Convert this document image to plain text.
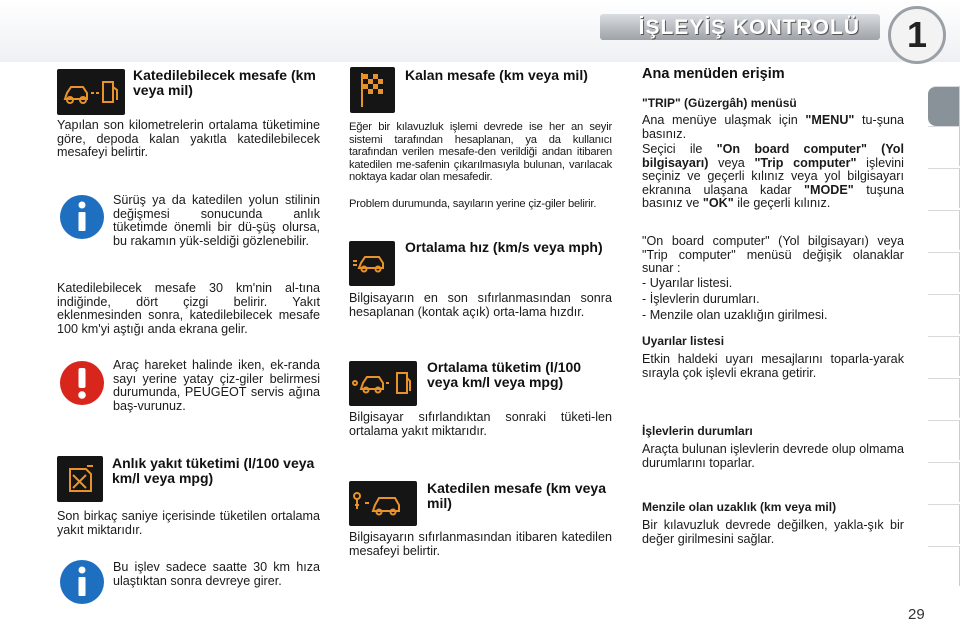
İŞLEYİŞ KONTROLÜ	1
Katedilebilecek mesafe (km veya mil)

Yapılan son kilometrelerin ortalama tüketimine göre, depoda kalan yakıtla katedilebilecek mesafeyi belirtir.

Sürüş ya da katedilen yolun stilinin değişmesi sonucunda anlık tüketimde önemli bir dü-şüş olursa, bu rakamın yük-seldiği gözlenebilir.

Katedilebilecek mesafe 30 km'nin al-tına indiğinde, dört çizgi belirir. Yakıt eklenmesinden sonra, katedilebilecek mesafe 100 km'yi aştığı anda ekrana gelir.

Araç hareket halinde iken, ek-randa sayı yerine yatay çiz-giler belirmesi durumunda, PEUGEOT servis ağına baş-vurunuz.

Anlık yakıt tüketimi (l/100 veya km/l veya mpg)

Son birkaç saniye içerisinde tüketilen ortalama yakıt miktarıdır.

Bu işlev sadece saatte 30 km hıza ulaştıktan sonra devreye girer.

Kalan mesafe (km veya mil)

Eğer bir kılavuzluk işlemi devrede ise her an seyir sistemi tarafından hesaplanan, ya da kullanıcı tarafından verilen mesafe-den verildiği andan itibaren katedilen me-safenin çıkarılmasıyla bulunan, varılacak noktaya kadar olan mesafedir.

Problem durumunda, sayıların yerine çiz-giler belirir.

Ortalama hız (km/s veya mph)

Bilgisayarın en son sıfırlanmasından sonra hesaplanan (kontak açık) orta-lama hızdır.

Ortalama tüketim (l/100 veya km/l veya mpg)

Bilgisayar sıfırlandıktan sonraki tüketi-len ortalama yakıt miktarıdır.

Katedilen mesafe (km veya mil)

Bilgisayarın sıfırlanmasından itibaren katedilen mesafeyi belirtir.

Ana menüden erişim

"TRIP" (Güzergâh) menüsü

Ana menüye ulaşmak için "MENU" tu-şuna basınız.

Seçici ile "On board computer" (Yol bilgisayarı) veya "Trip computer" işlevini seçiniz ve geçerli kılınız veya yol bilgisayarı ekranına ulaşana kadar "MODE" tuşuna basınız ve "OK" ile geçerli kılınız.

"On board computer" (Yol bilgisayarı) veya "Trip computer" menüsü değişik olanaklar sunar :

- Uyarılar listesi.
- İşlevlerin durumları.
- Menzile olan uzaklığın girilmesi.

Uyarılar listesi

Etkin haldeki uyarı mesajlarını toparla-yarak sırayla çok işlevli ekrana getirir.

İşlevlerin durumları

Araçta bulunan işlevlerin devrede olup olmama durumlarını toparlar.

Menzile olan uzaklık (km veya mil)

Bir kılavuzluk devrede değilken, yakla-şık bir değer girilmesini sağlar.

29
